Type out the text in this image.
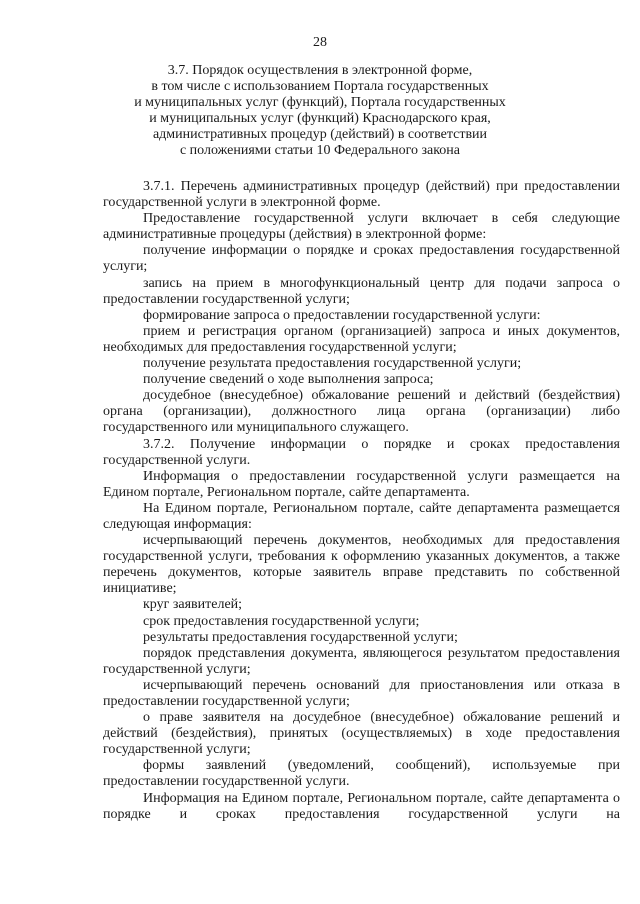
28
3.7. Порядок осуществления в электронной форме,
в том числе с использованием Портала государственных
и муниципальных услуг (функций), Портала государственных
и муниципальных услуг (функций) Краснодарского края,
административных процедур (действий) в соответствии
с положениями статьи 10 Федерального закона

3.7.1. Перечень административных процедур (действий) при предоставлении государственной услуги в электронной форме.

Предоставление государственной услуги включает в себя следующие административные процедуры (действия) в электронной форме:

получение информации о порядке и сроках предоставления государственной услуги;

запись на прием в многофункциональный центр для подачи запроса о предоставлении государственной услуги;

формирование запроса о предоставлении государственной услуги:

прием и регистрация органом (организацией) запроса и иных документов, необходимых для предоставления государственной услуги;

получение результата предоставления государственной услуги;

получение сведений о ходе выполнения запроса;

досудебное (внесудебное) обжалование решений и действий (бездействия) органа (организации), должностного лица органа (организации) либо государственного или муниципального служащего.

3.7.2. Получение информации о порядке и сроках предоставления государственной услуги.

Информация о предоставлении государственной услуги размещается на Едином портале, Региональном портале, сайте департамента.

На Едином портале, Региональном портале, сайте департамента размещается следующая информация:

исчерпывающий перечень документов, необходимых для предоставления государственной услуги, требования к оформлению указанных документов, а также перечень документов, которые заявитель вправе представить по собственной инициативе;

круг заявителей;

срок предоставления государственной услуги;

результаты предоставления государственной услуги;

порядок представления документа, являющегося результатом предоставления государственной услуги;

исчерпывающий перечень оснований для приостановления или отказа в предоставлении государственной услуги;

о праве заявителя на досудебное (внесудебное) обжалование решений и действий (бездействия), принятых (осуществляемых) в ходе предоставления государственной услуги;

формы заявлений (уведомлений, сообщений), используемые при предоставлении государственной услуги.

Информация на Едином портале, Региональном портале, сайте департамента о порядке и сроках предоставления государственной услуги на
